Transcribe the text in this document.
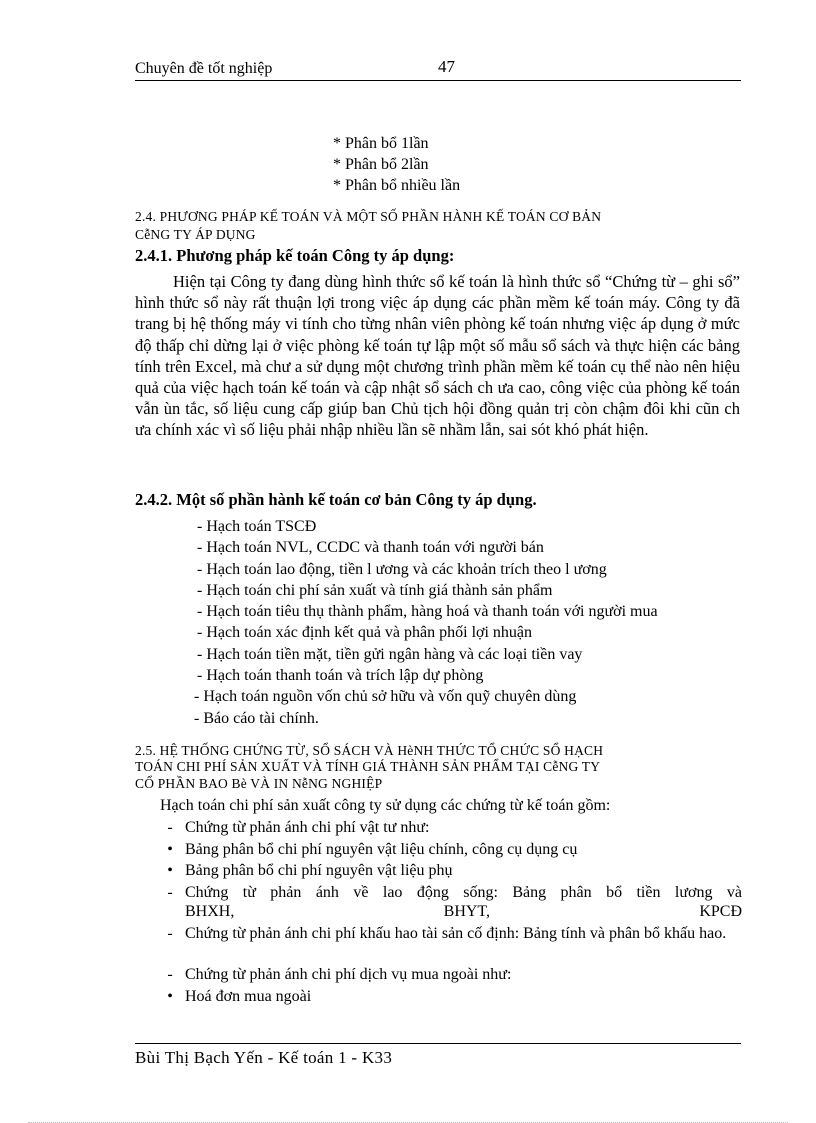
Chuyên đề tốt nghiệp	47
* Phân bổ 1lần
* Phân bổ 2lần
* Phân bổ nhiều lần
2.4. PHƯƠNG PHÁP KẾ TOÁN VÀ MỘT SỐ PHẦN HÀNH KẾ TOÁN CƠ BẢN
CễNG TY ÁP DỤNG
2.4.1. Phương pháp kế toán Công ty áp dụng:

Hiện tại Công ty đang dùng hình thức sổ kế toán là hình thức sổ “Chứng từ – ghi sổ” hình thức sổ này rất thuận lợi trong việc áp dụng các phần mềm kế toán máy. Công ty đã trang bị hệ thống máy vi tính cho từng nhân viên phòng kế toán nhưng việc áp dụng ở mức độ thấp chỉ dừng lại ở việc phòng kế toán tự lập một số mẫu sổ sách và thực hiện các bảng tính trên Excel, mà chư a sử dụng một chương trình phần mềm kế toán cụ thể nào nên hiệu quả của việc hạch toán kế toán và cập nhật sổ sách ch ưa cao, công việc của phòng kế toán vẫn ùn tắc, số liệu cung cấp giúp ban Chủ tịch hội đồng quản trị còn chậm đôi khi cũn ch ưa chính xác vì số liệu phải nhập nhiều lần sẽ nhầm lẫn, sai sót khó phát hiện.

2.4.2. Một số phần hành kế toán cơ bản Công ty áp dụng.
- Hạch toán TSCĐ
- Hạch toán NVL, CCDC và thanh toán với người bán
- Hạch toán lao động, tiền l ương và các khoản trích theo l ương
- Hạch toán chi phí sản xuất và tính giá thành sản phẩm
- Hạch toán tiêu thụ thành phẩm, hàng hoá và thanh toán với người mua
- Hạch toán xác định kết quả và phân phối lợi nhuận
- Hạch toán tiền mặt, tiền gửi ngân hàng và các loại tiền vay
- Hạch toán thanh toán và trích lập dự phòng
- Hạch toán nguồn vốn chủ sở hữu và vốn quỹ chuyên dùng
- Báo cáo tài chính.
2.5. HỆ THỐNG CHỨNG TỪ, SỔ SÁCH VÀ HèNH THỨC TỔ CHỨC SỔ HẠCH
TOÁN CHI PHÍ SẢN XUẤT VÀ TÍNH GIÁ THÀNH SẢN PHẨM TẠI CễNG TY
CỔ PHẦN BAO Bè VÀ IN NễNG NGHIỆP
Hạch toán chi phí sản xuất công ty sử dụng các chứng từ kế toán gồm:
- Chứng từ phản ánh chi phí vật tư như:
• Bảng phân bổ chi phí nguyên vật liệu chính, công cụ dụng cụ
• Bảng phân bổ chi phí nguyên vật liệu phụ
- Chứng từ phản ánh về lao động sống: Bảng phân bổ tiền lương và
BHXH,	BHYT,	KPCĐ
- Chứng từ phản ánh chi phí khấu hao tài sản cố định: Bảng tính và phân bổ khấu hao.
- Chứng từ phản ánh chi phí dịch vụ mua ngoài như:
• Hoá đơn mua ngoài
Bùi Thị Bạch Yến - Kế toán 1 - K33
